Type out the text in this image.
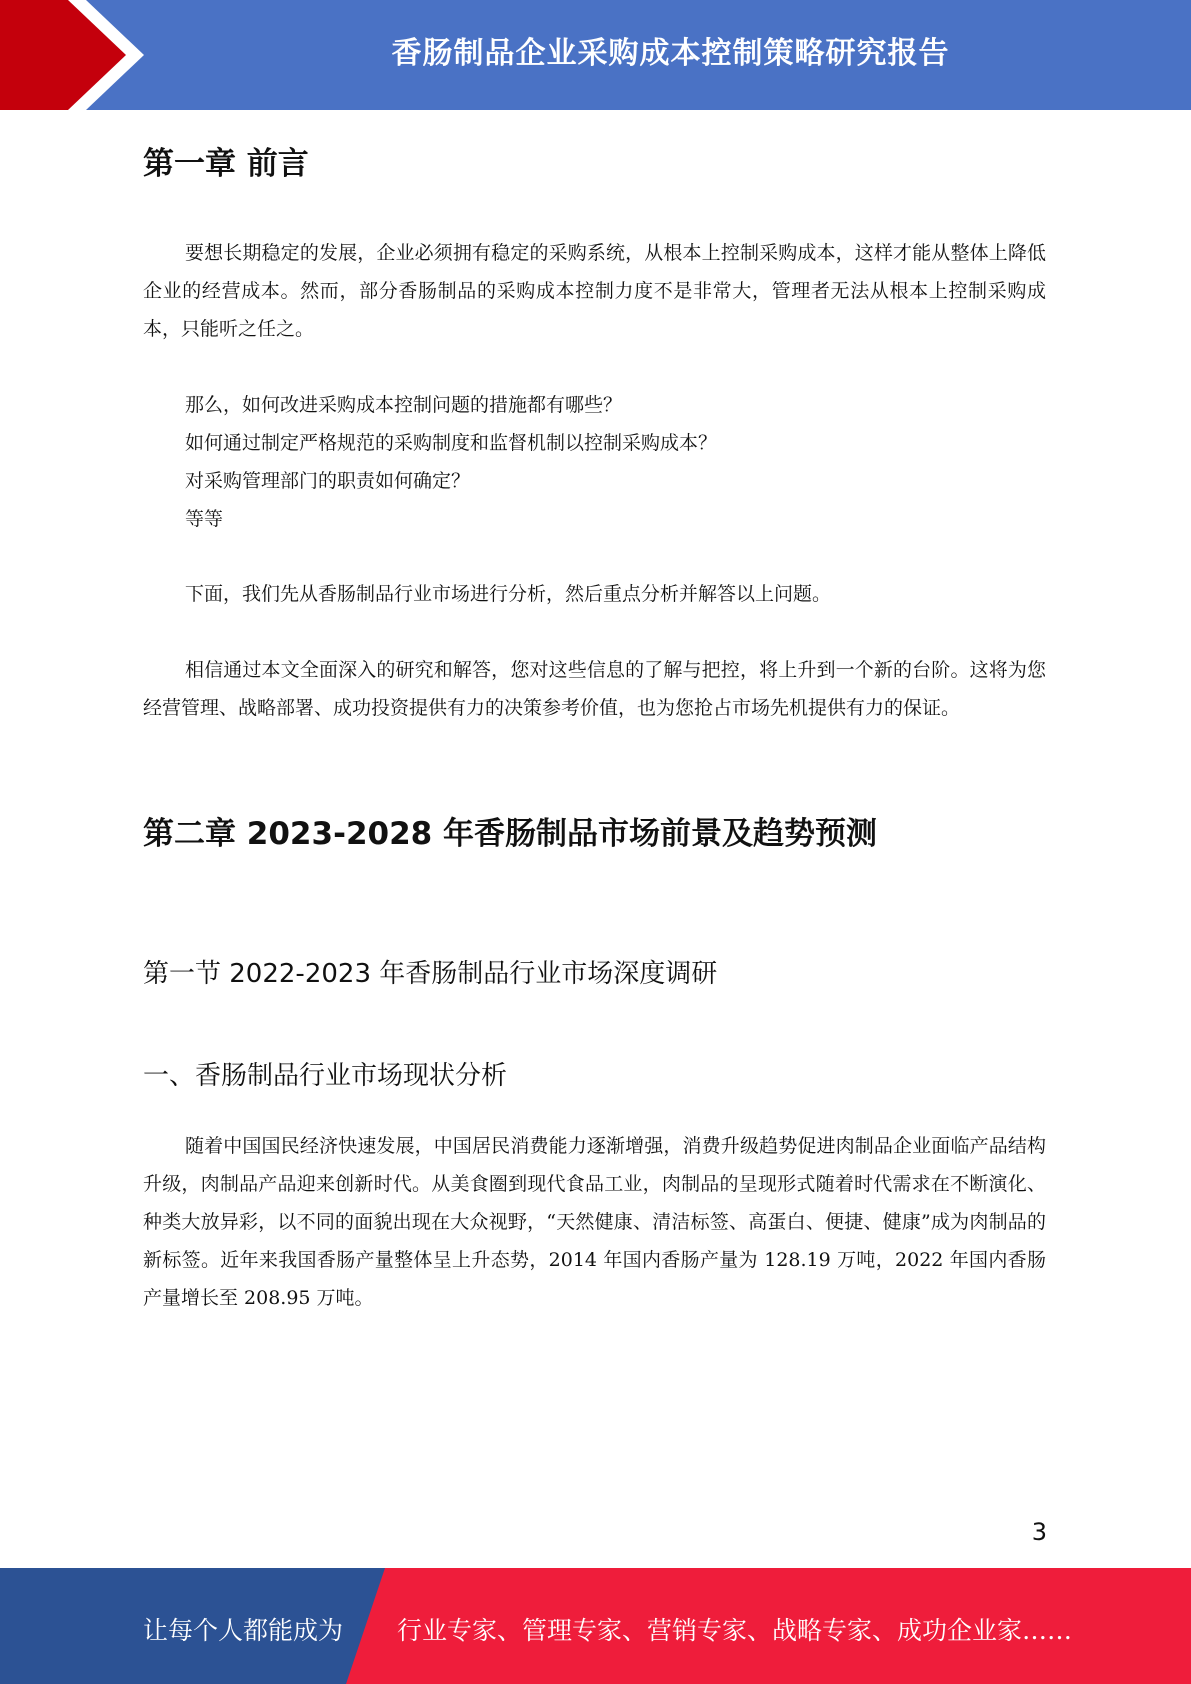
香肠制品企业采购成本控制策略研究报告
第一章 前言

要想长期稳定的发展，企业必须拥有稳定的采购系统，从根本上控制采购成本，这样才能从整体上降低企业的经营成本。然而，部分香肠制品的采购成本控制力度不是非常大，管理者无法从根本上控制采购成本，只能听之任之。

那么，如何改进采购成本控制问题的措施都有哪些？

如何通过制定严格规范的采购制度和监督机制以控制采购成本？

对采购管理部门的职责如何确定？

等等

下面，我们先从香肠制品行业市场进行分析，然后重点分析并解答以上问题。

相信通过本文全面深入的研究和解答，您对这些信息的了解与把控，将上升到一个新的台阶。这将为您经营管理、战略部署、成功投资提供有力的决策参考价值，也为您抢占市场先机提供有力的保证。

第二章 2023-2028 年香肠制品市场前景及趋势预测
第一节 2022-2023 年香肠制品行业市场深度调研
一、香肠制品行业市场现状分析

随着中国国民经济快速发展，中国居民消费能力逐渐增强，消费升级趋势促进肉制品企业面临产品结构升级，肉制品产品迎来创新时代。从美食圈到现代食品工业，肉制品的呈现形式随着时代需求在不断演化、种类大放异彩，以不同的面貌出现在大众视野，“天然健康、清洁标签、高蛋白、便捷、健康”成为肉制品的新标签。近年来我国香肠产量整体呈上升态势，2014 年国内香肠产量为 128.19 万吨，2022 年国内香肠产量增长至 208.95 万吨。

3
让每个人都能成为 行业专家、管理专家、营销专家、战略专家、成功企业家……
